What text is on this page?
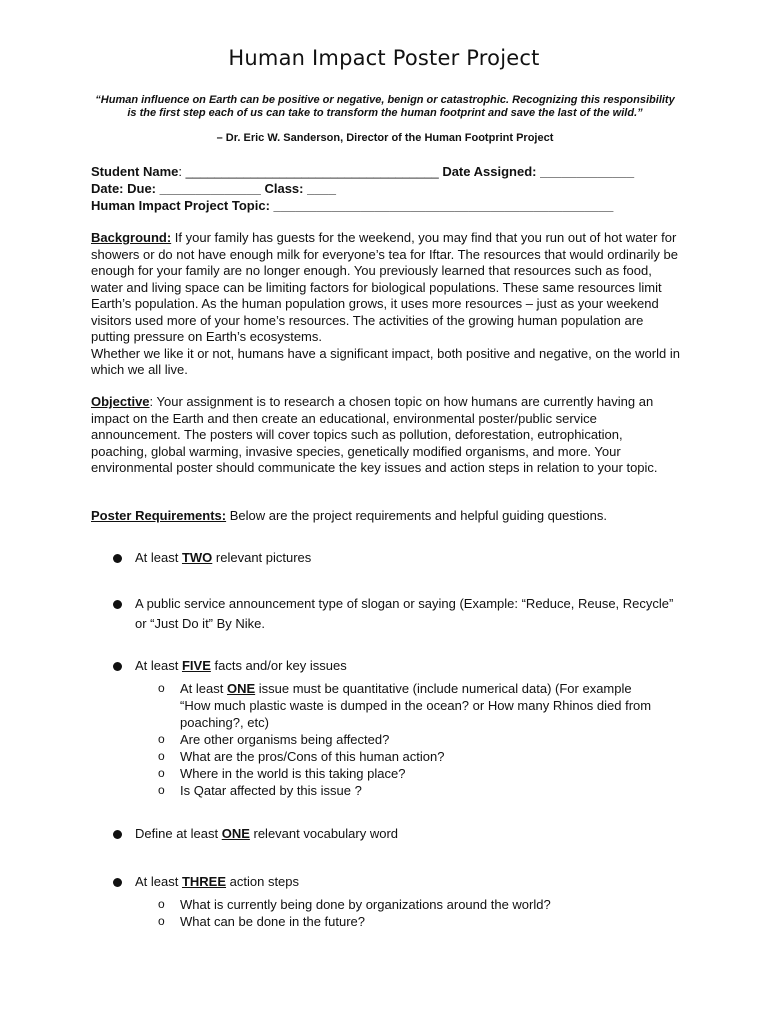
Human Impact Poster Project
“Human influence on Earth can be positive or negative, benign or catastrophic. Recognizing this responsibility is the first step each of us can take to transform the human footprint and save the last of the wild.”
– Dr. Eric W. Sanderson, Director of the Human Footprint Project
Student Name: ___________________________________ Date Assigned: _____________
Date: Due: ______________ Class: ____
Human Impact Project Topic: _______________________________________________
Background: If your family has guests for the weekend, you may find that you run out of hot water for showers or do not have enough milk for everyone’s tea for Iftar. The resources that would ordinarily be enough for your family are no longer enough. You previously learned that resources such as food, water and living space can be limiting factors for biological populations. These same resources limit Earth’s population. As the human population grows, it uses more resources – just as your weekend visitors used more of your home’s resources. The activities of the growing human population are putting pressure on Earth’s ecosystems.
Whether we like it or not, humans have a significant impact, both positive and negative, on the world in which we all live.
Objective: Your assignment is to research a chosen topic on how humans are currently having an impact on the Earth and then create an educational, environmental poster/public service announcement. The posters will cover topics such as pollution, deforestation, eutrophication, poaching, global warming, invasive species, genetically modified organisms, and more. Your environmental poster should communicate the key issues and action steps in relation to your topic.
Poster Requirements: Below are the project requirements and helpful guiding questions.
At least TWO relevant pictures
A public service announcement type of slogan or saying (Example: “Reduce, Reuse, Recycle” or “Just Do it” By Nike.
At least FIVE facts and/or key issues
o At least ONE issue must be quantitative (include numerical data) (For example “How much plastic waste is dumped in the ocean? or How many Rhinos died from poaching?, etc)
o Are other organisms being affected?
o What are the pros/Cons of this human action?
o Where in the world is this taking place?
o Is Qatar affected by this issue ?
Define at least ONE relevant vocabulary word
At least THREE action steps
o What is currently being done by organizations around the world?
o What can be done in the future?
